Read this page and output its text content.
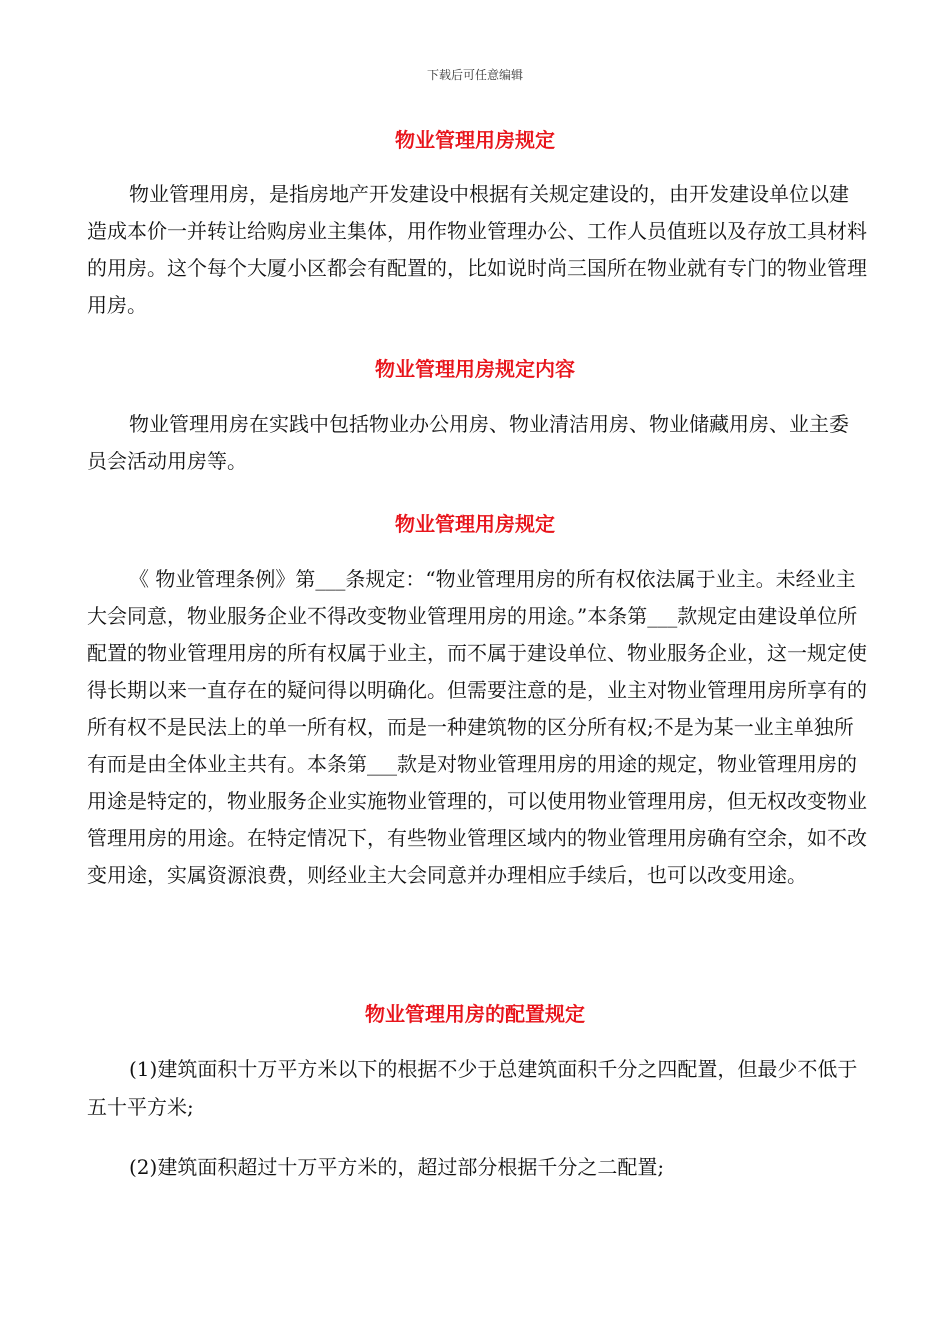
下载后可任意编辑
物业管理用房规定

物业管理用房，是指房地产开发建设中根据有关规定建设的，由开发建设单位以建造成本价一并转让给购房业主集体，用作物业管理办公、工作人员值班以及存放工具材料的用房。这个每个大厦小区都会有配置的，比如说时尚三国所在物业就有专门的物业管理用房。

物业管理用房规定内容

物业管理用房在实践中包括物业办公用房、物业清洁用房、物业储藏用房、业主委员会活动用房等。

物业管理用房规定

《 物业管理条例》第___条规定：“物业管理用房的所有权依法属于业主。未经业主大会同意，物业服务企业不得改变物业管理用房的用途。”本条第___款规定由建设单位所配置的物业管理用房的所有权属于业主，而不属于建设单位、物业服务企业，这一规定使得长期以来一直存在的疑问得以明确化。但需要注意的是，业主对物业管理用房所享有的所有权不是民法上的单一所有权，而是一种建筑物的区分所有权;不是为某一业主单独所有而是由全体业主共有。本条第___款是对物业管理用房的用途的规定，物业管理用房的用途是特定的，物业服务企业实施物业管理的，可以使用物业管理用房，但无权改变物业管理用房的用途。在特定情况下，有些物业管理区域内的物业管理用房确有空余，如不改变用途，实属资源浪费，则经业主大会同意并办理相应手续后，也可以改变用途。

物业管理用房的配置规定

(1)建筑面积十万平方米以下的根据不少于总建筑面积千分之四配置，但最少不低于五十平方米;

(2)建筑面积超过十万平方米的，超过部分根据千分之二配置;
